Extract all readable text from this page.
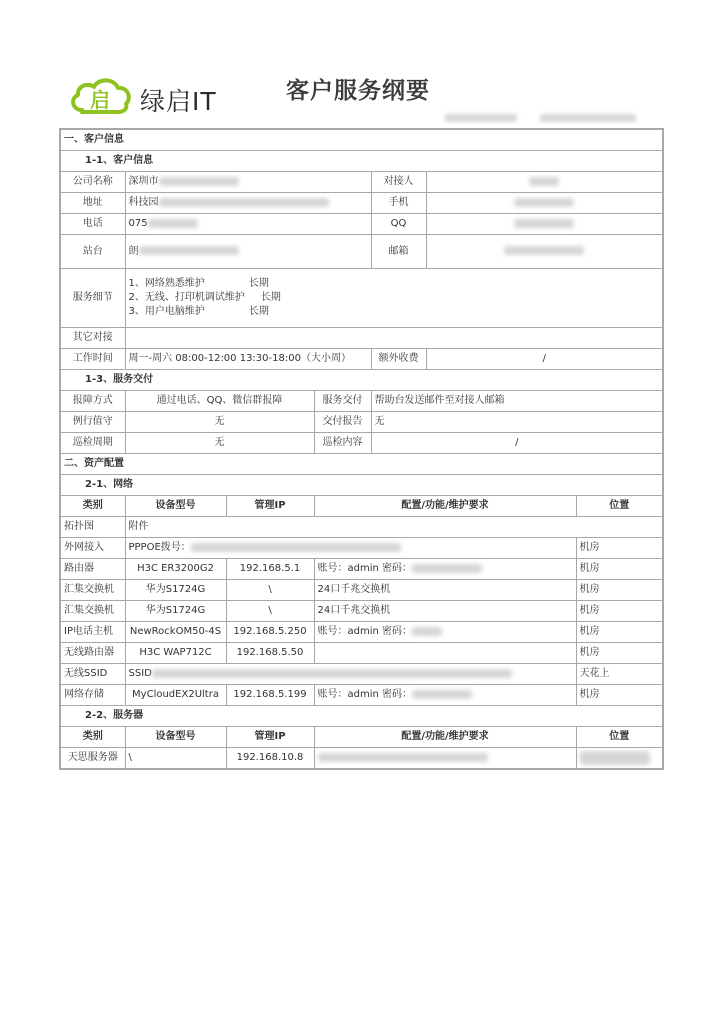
启 绿启IT	客户服务纲要
一、客户信息						
1-1、客户信息						
公司名称	深圳市			对接人		
地址	科技园			手机		
电话	075			QQ		
站台	朗			邮箱		
服务细节	1、网络熟悉维护 长期
2、无线、打印机调试维护 长期
3、用户电脑维护 长期					

其它对接						
工作时间	周一-周六 08:00-12:00 13:30-18:00（大小周）			额外收费	/	
1-3、服务交付						
报障方式	通过电话、QQ、微信群报障		服务交付	帮助台发送邮件至对接人邮箱		
例行值守	无		交付报告	无		
巡检周期	无		巡检内容	/		
二、资产配置						
2-1、网络						
类别	设备型号	管理IP	配置/功能/维护要求			位置
拓扑图	附件					
外网接入	PPPOE拨号：					机房
路由器	H3C ER3200G2	192.168.5.1	账号：admin 密码：			机房
汇集交换机	华为S1724G	\	24口千兆交换机			机房
汇集交换机	华为S1724G	\	24口千兆交换机			机房
IP电话主机	NewRockOM50-4S	192.168.5.250	账号：admin 密码：			机房
无线路由器	H3C WAP712C	192.168.5.50				机房
无线SSID	SSID					天花上
网络存储	MyCloudEX2Ultra	192.168.5.199	账号：admin 密码：			机房
2-2、服务器						
类别	设备型号	管理IP	配置/功能/维护要求			位置
天思服务器	\	192.168.10.8				
